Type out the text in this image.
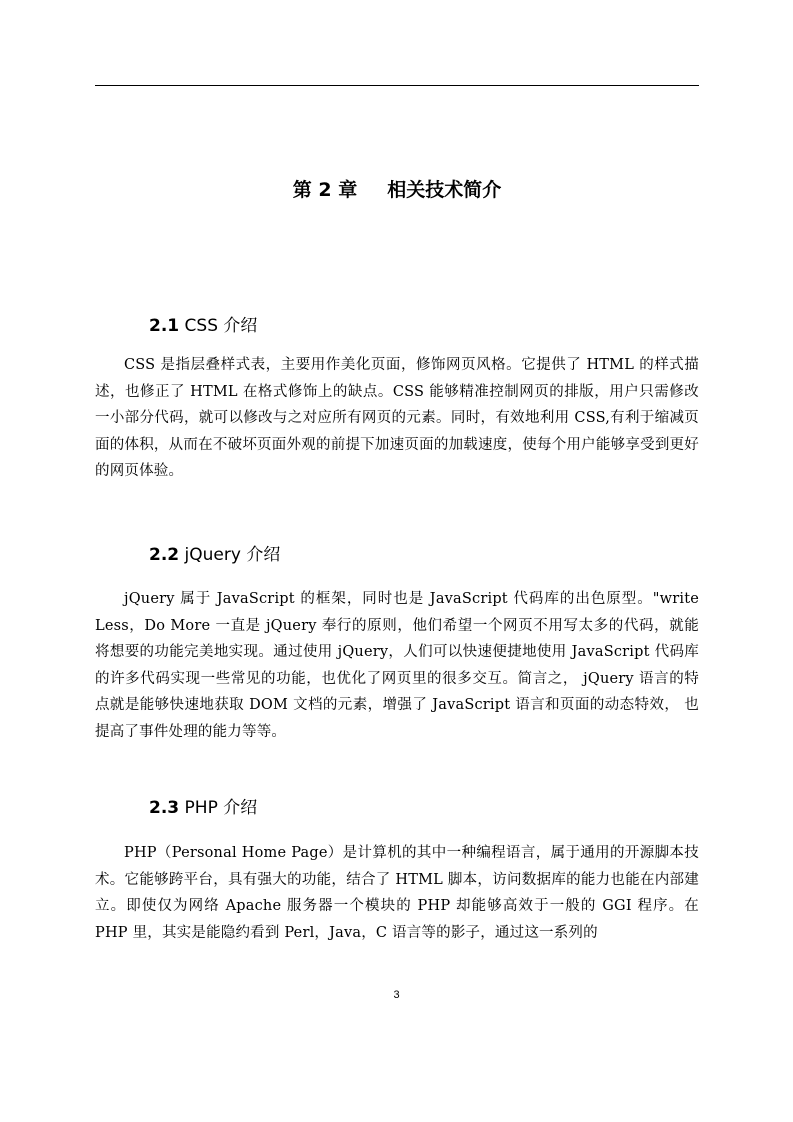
第 2 章 相关技术简介
2.1 CSS 介绍
CSS 是指层叠样式表，主要用作美化页面，修饰网页风格。它提供了 HTML 的样式描述，也修正了 HTML 在格式修饰上的缺点。CSS 能够精准控制网页的排版，用户只需修改一小部分代码，就可以修改与之对应所有网页的元素。同时，有效地利用 CSS,有利于缩减页面的体积，从而在不破坏页面外观的前提下加速页面的加载速度，使每个用户能够享受到更好的网页体验。
2.2 jQuery 介绍
jQuery 属于 JavaScript 的框架，同时也是 JavaScript 代码库的出色原型。"write Less，Do More 一直是 jQuery 奉行的原则，他们希望一个网页不用写太多的代码，就能将想要的功能完美地实现。通过使用 jQuery，人们可以快速便捷地使用 JavaScript 代码库的许多代码实现一些常见的功能，也优化了网页里的很多交互。简言之， jQuery 语言的特点就是能够快速地获取 DOM 文档的元素，增强了 JavaScript 语言和页面的动态特效， 也提高了事件处理的能力等等。
2.3 PHP 介绍
PHP（Personal Home Page）是计算机的其中一种编程语言，属于通用的开源脚本技术。它能够跨平台，具有强大的功能，结合了 HTML 脚本，访问数据库的能力也能在内部建立。即使仅为网络 Apache 服务器一个模块的 PHP 却能够高效于一般的 GGI 程序。在 PHP 里，其实是能隐约看到 Perl，Java，C 语言等的影子，通过这一系列的
3
